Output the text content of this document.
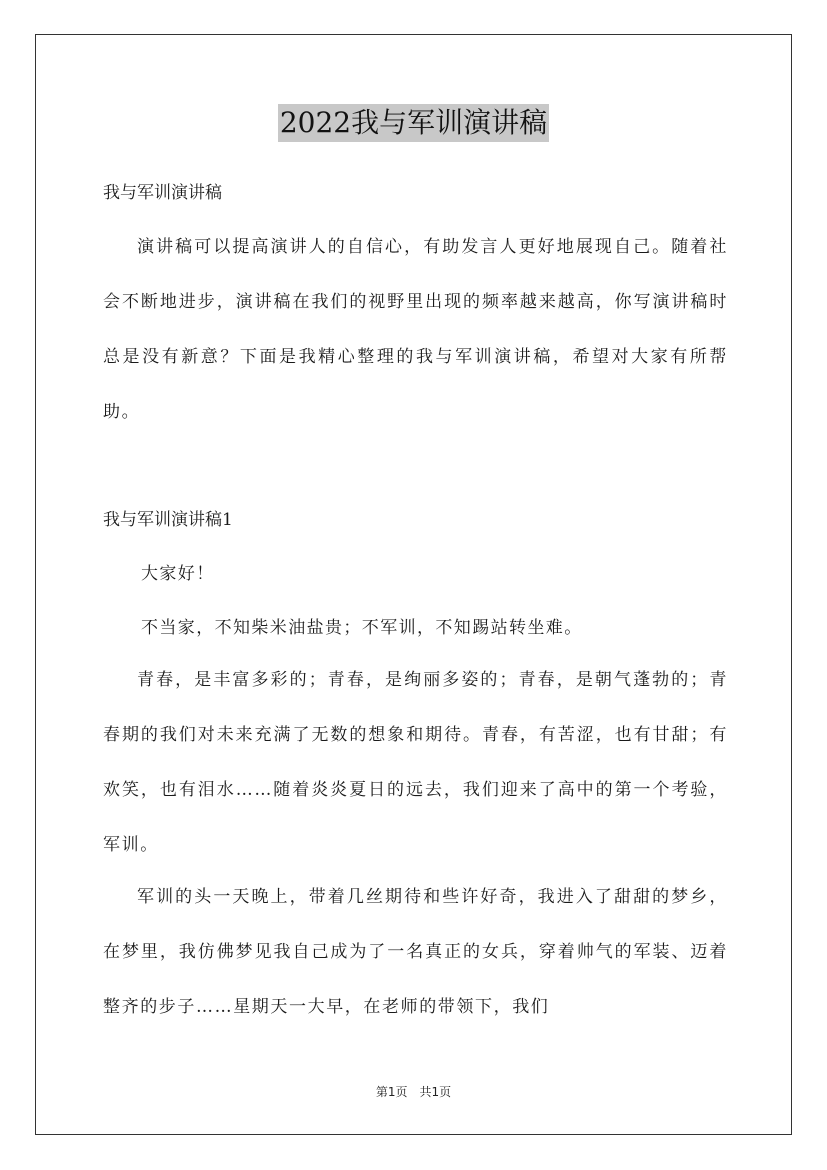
2022我与军训演讲稿
我与军训演讲稿

演讲稿可以提高演讲人的自信心，有助发言人更好地展现自己。随着社会不断地进步，演讲稿在我们的视野里出现的频率越来越高，你写演讲稿时总是没有新意？下面是我精心整理的我与军训演讲稿，希望对大家有所帮助。

我与军训演讲稿1
大家好！
不当家，不知柴米油盐贵；不军训，不知踢站转坐难。

青春，是丰富多彩的；青春，是绚丽多姿的；青春，是朝气蓬勃的；青春期的我们对未来充满了无数的想象和期待。青春，有苦涩，也有甘甜；有欢笑，也有泪水……随着炎炎夏日的远去，我们迎来了高中的第一个考验，军训。

军训的头一天晚上，带着几丝期待和些许好奇，我进入了甜甜的梦乡，在梦里，我仿佛梦见我自己成为了一名真正的女兵，穿着帅气的军装、迈着整齐的步子……星期天一大早，在老师的带领下，我们

第1页　共1页
